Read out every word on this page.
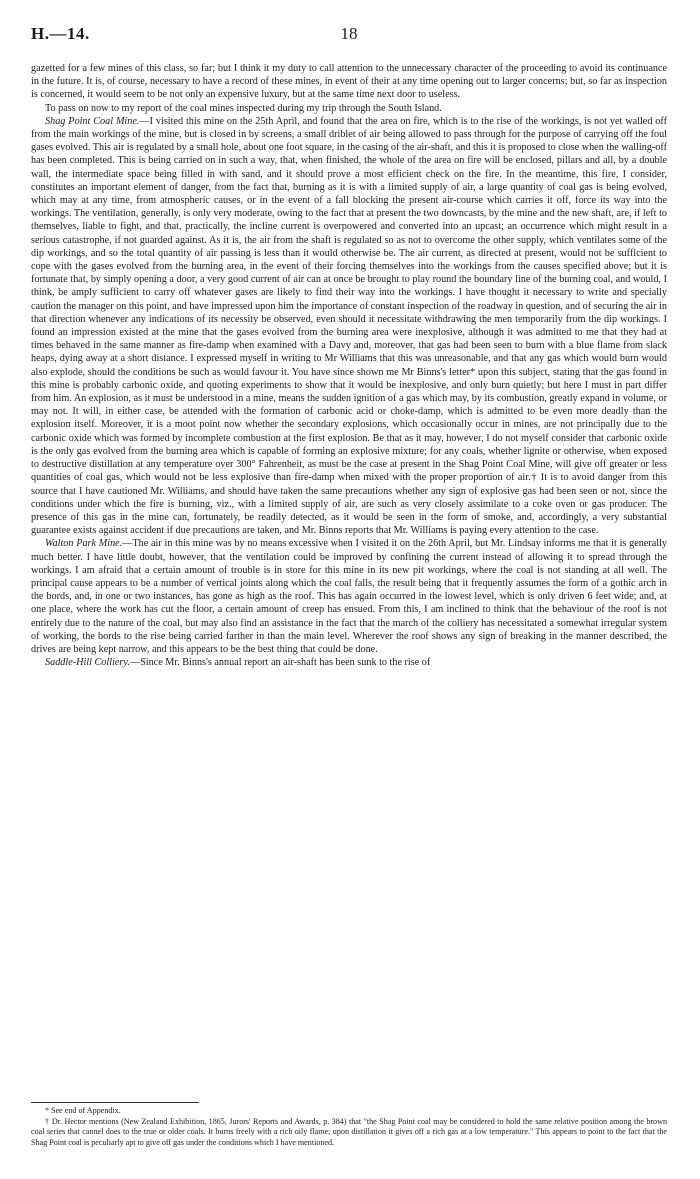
H.—14.	18

gazetted for a few mines of this class, so far; but I think it my duty to call attention to the unnecessary character of the proceeding to avoid its continuance in the future. It is, of course, necessary to have a record of these mines, in event of their at any time opening out to larger concerns; but, so far as inspection is concerned, it would seem to be not only an expensive luxury, but at the same time next door to useless.

To pass on now to my report of the coal mines inspected during my trip through the South Island.

Shag Point Coal Mine.—I visited this mine on the 25th April, and found that the area on fire, which is to the rise of the workings, is not yet walled off from the main workings of the mine, but is closed in by screens, a small driblet of air being allowed to pass through for the purpose of carrying off the foul gases evolved. This air is regulated by a small hole, about one foot square, in the casing of the air-shaft, and this it is proposed to close when the walling-off has been completed. This is being carried on in such a way, that, when finished, the whole of the area on fire will be enclosed, pillars and all, by a double wall, the intermediate space being filled in with sand, and it should prove a most efficient check on the fire. In the meantime, this fire, I consider, constitutes an important element of danger, from the fact that, burning as it is with a limited supply of air, a large quantity of coal gas is being evolved, which may at any time, from atmospheric causes, or in the event of a fall blocking the present air-course which carries it off, force its way into the workings. The ventilation, generally, is only very moderate, owing to the fact that at present the two downcasts, by the mine and the new shaft, are, if left to themselves, liable to fight, and that, practically, the incline current is overpowered and converted into an upcast; an occurrence which might result in a serious catastrophe, if not guarded against. As it is, the air from the shaft is regulated so as not to overcome the other supply, which ventilates some of the dip workings, and so the total quantity of air passing is less than it would otherwise be. The air current, as directed at present, would not be sufficient to cope with the gases evolved from the burning area, in the event of their forcing themselves into the workings from the causes specified above; but it is fortunate that, by simply opening a door, a very good current of air can at once be brought to play round the boundary line of the burning coal, and would, I think, be amply sufficient to carry off whatever gases are likely to find their way into the workings. I have thought it necessary to write and specially caution the manager on this point, and have impressed upon him the importance of constant inspection of the roadway in question, and of securing the air in that direction whenever any indications of its necessity be observed, even should it necessitate withdrawing the men temporarily from the dip workings. I found an impression existed at the mine that the gases evolved from the burning area were inexplosive, although it was admitted to me that they had at times behaved in the same manner as fire-damp when examined with a Davy and, moreover, that gas had been seen to burn with a blue flame from slack heaps, dying away at a short distance. I expressed myself in writing to Mr Williams that this was unreasonable, and that any gas which would burn would also explode, should the conditions be such as would favour it. You have since shown me Mr Binns's letter* upon this subject, stating that the gas found in this mine is probably carbonic oxide, and quoting experiments to show that it would be inexplosive, and only burn quietly; but here I must in part differ from him. An explosion, as it must be understood in a mine, means the sudden ignition of a gas which may, by its combustion, greatly expand in volume, or may not. It will, in either case, be attended with the formation of carbonic acid or choke-damp, which is admitted to be even more deadly than the explosion itself. Moreover, it is a moot point now whether the secondary explosions, which occasionally occur in mines, are not principally due to the carbonic oxide which was formed by incomplete combustion at the first explosion. Be that as it may, however, I do not myself consider that carbonic oxide is the only gas evolved from the burning area which is capable of forming an explosive mixture; for any coals, whether lignite or otherwise, when exposed to destructive distillation at any temperature over 300° Fahrenheit, as must be the case at present in the Shag Point Coal Mine, will give off greater or less quantities of coal gas, which would not be less explosive than fire-damp when mixed with the proper proportion of air.† It is to avoid danger from this source that I have cautioned Mr. Williams, and should have taken the same precautions whether any sign of explosive gas had been seen or not, since the conditions under which the fire is burning, viz., with a limited supply of air, are such as very closely assimilate to a coke oven or gas producer. The presence of this gas in the mine can, fortunately, be readily detected, as it would be seen in the form of smoke, and, accordingly, a very substantial guarantee exists against accident if due precautions are taken, and Mr. Binns reports that Mr. Williams is paying every attention to the case.

Walton Park Mine.—The air in this mine was by no means excessive when I visited it on the 26th April, but Mr. Lindsay informs me that it is generally much better. I have little doubt, however, that the ventilation could be improved by confining the current instead of allowing it to spread through the workings. I am afraid that a certain amount of trouble is in store for this mine in its new pit workings, where the coal is not standing at all well. The principal cause appears to be a number of vertical joints along which the coal falls, the result being that it frequently assumes the form of a gothic arch in the bords, and, in one or two instances, has gone as high as the roof. This has again occurred in the lowest level, which is only driven 6 feet wide; and, at one place, where the work has cut the floor, a certain amount of creep has ensued. From this, I am inclined to think that the behaviour of the roof is not entirely due to the nature of the coal, but may also find an assistance in the fact that the march of the colliery has necessitated a somewhat irregular system of working, the bords to the rise being carried farther in than the main level. Wherever the roof shows any sign of breaking in the manner described, the drives are being kept narrow, and this appears to be the best thing that could be done.

Saddle-Hill Colliery.—Since Mr. Binns's annual report an air-shaft has been sunk to the rise of

* See end of Appendix.

† Dr. Hector mentions (New Zealand Exhibition, 1865, Jurors' Reports and Awards, p. 384) that "the Shag Point coal may be considered to hold the same relative position among the brown coal series that cannel does to the true or older coals. It burns freely with a rich oily flame; upon distillation it gives off a rich gas at a low temperature." This appears to point to the fact that the Shag Point coal is peculiarly apt to give off gas under the conditions which I have mentioned.
